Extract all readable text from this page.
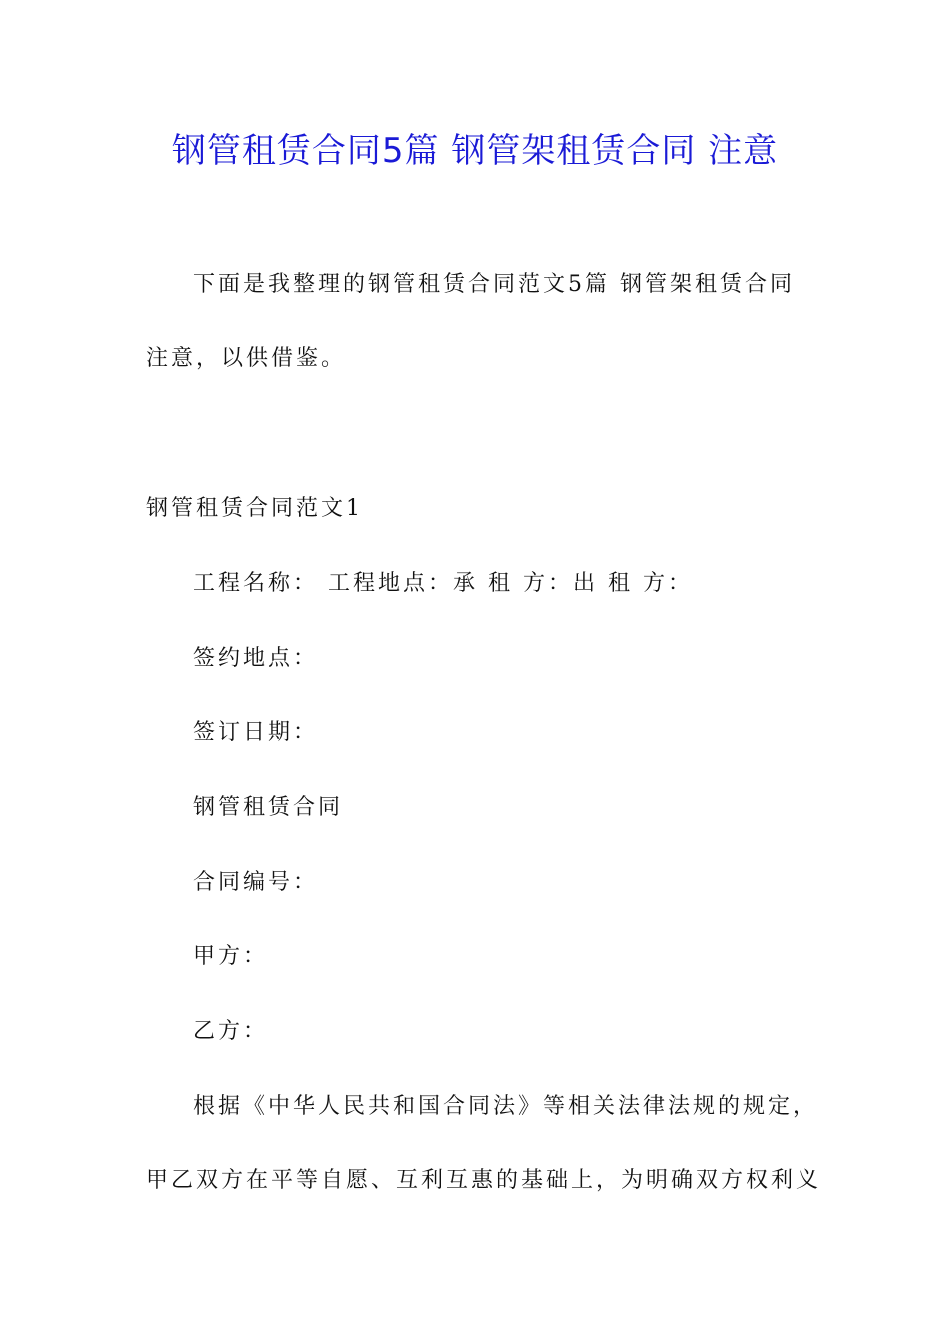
钢管租赁合同5篇 钢管架租赁合同 注意
下面是我整理的钢管租赁合同范文5篇 钢管架租赁合同
注意，以供借鉴。
钢管租赁合同范文1
工程名称： 工程地点：承 租 方：出 租 方：
签约地点：
签订日期：
钢管租赁合同
合同编号：
甲方：
乙方：
根据《中华人民共和国合同法》等相关法律法规的规定，
甲乙双方在平等自愿、互利互惠的基础上，为明确双方权利义
